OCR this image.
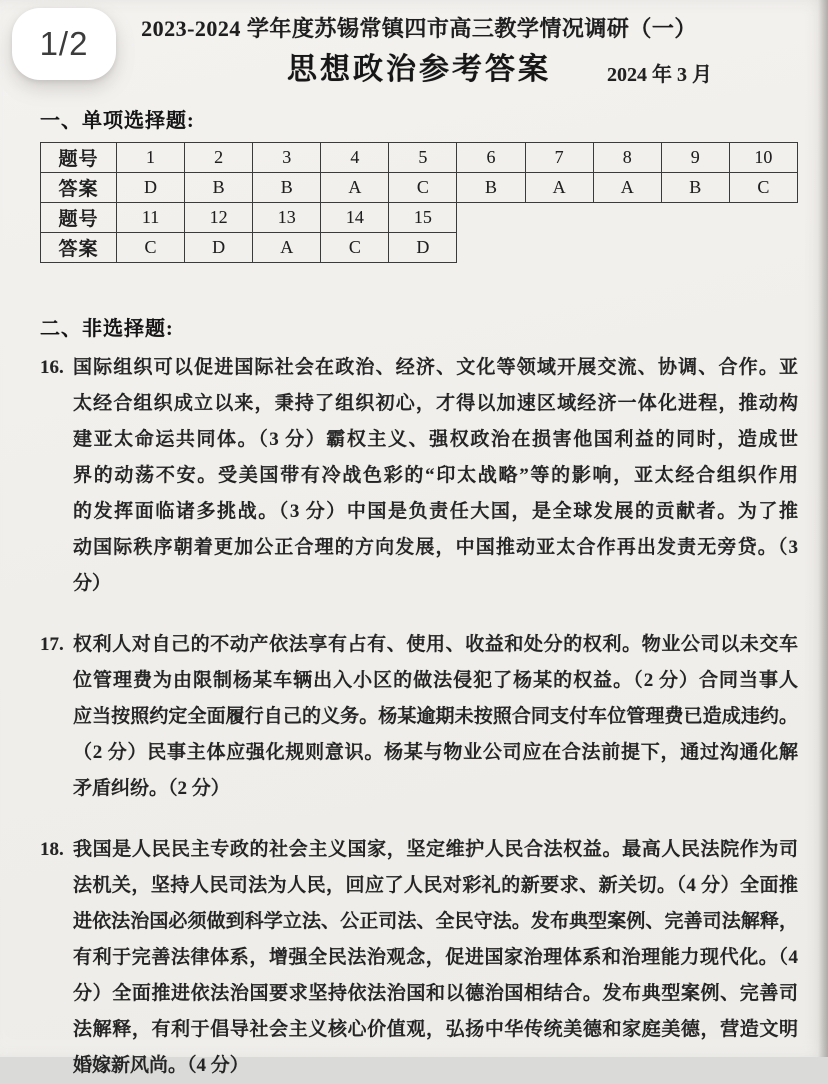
1/2	2023-2024 学年度苏锡常镇四市高三教学情况调研（一）
思想政治参考答案	2024 年 3 月
一、单项选择题:
题号	1	2	3	4	5	6	7	8	9	10
答案	D	B	B	A	C	B	A	A	B	C
题号	11	12	13	14	15					
答案	C	D	A	C	D					
二、非选择题:
16. 国际组织可以促进国际社会在政治、经济、文化等领域开展交流、协调、合作。亚
太经合组织成立以来，秉持了组织初心，才得以加速区域经济一体化进程，推动构
建亚太命运共同体。（3 分）霸权主义、强权政治在损害他国利益的同时，造成世
界的动荡不安。受美国带有冷战色彩的“印太战略”等的影响，亚太经合组织作用
的发挥面临诸多挑战。（3 分）中国是负责任大国，是全球发展的贡献者。为了推
动国际秩序朝着更加公正合理的方向发展，中国推动亚太合作再出发责无旁贷。（3
分）
17. 权利人对自己的不动产依法享有占有、使用、收益和处分的权利。物业公司以未交车
位管理费为由限制杨某车辆出入小区的做法侵犯了杨某的权益。（2 分）合同当事人
应当按照约定全面履行自己的义务。杨某逾期未按照合同支付车位管理费已造成违约。
（2 分）民事主体应强化规则意识。杨某与物业公司应在合法前提下，通过沟通化解
矛盾纠纷。（2 分）
18. 我国是人民民主专政的社会主义国家，坚定维护人民合法权益。最高人民法院作为司
法机关，坚持人民司法为人民，回应了人民对彩礼的新要求、新关切。（4 分）全面推
进依法治国必须做到科学立法、公正司法、全民守法。发布典型案例、完善司法解释，
有利于完善法律体系，增强全民法治观念，促进国家治理体系和治理能力现代化。（4
分）全面推进依法治国要求坚持依法治国和以德治国相结合。发布典型案例、完善司
法解释，有利于倡导社会主义核心价值观，弘扬中华传统美德和家庭美德，营造文明
婚嫁新风尚。（4 分）
